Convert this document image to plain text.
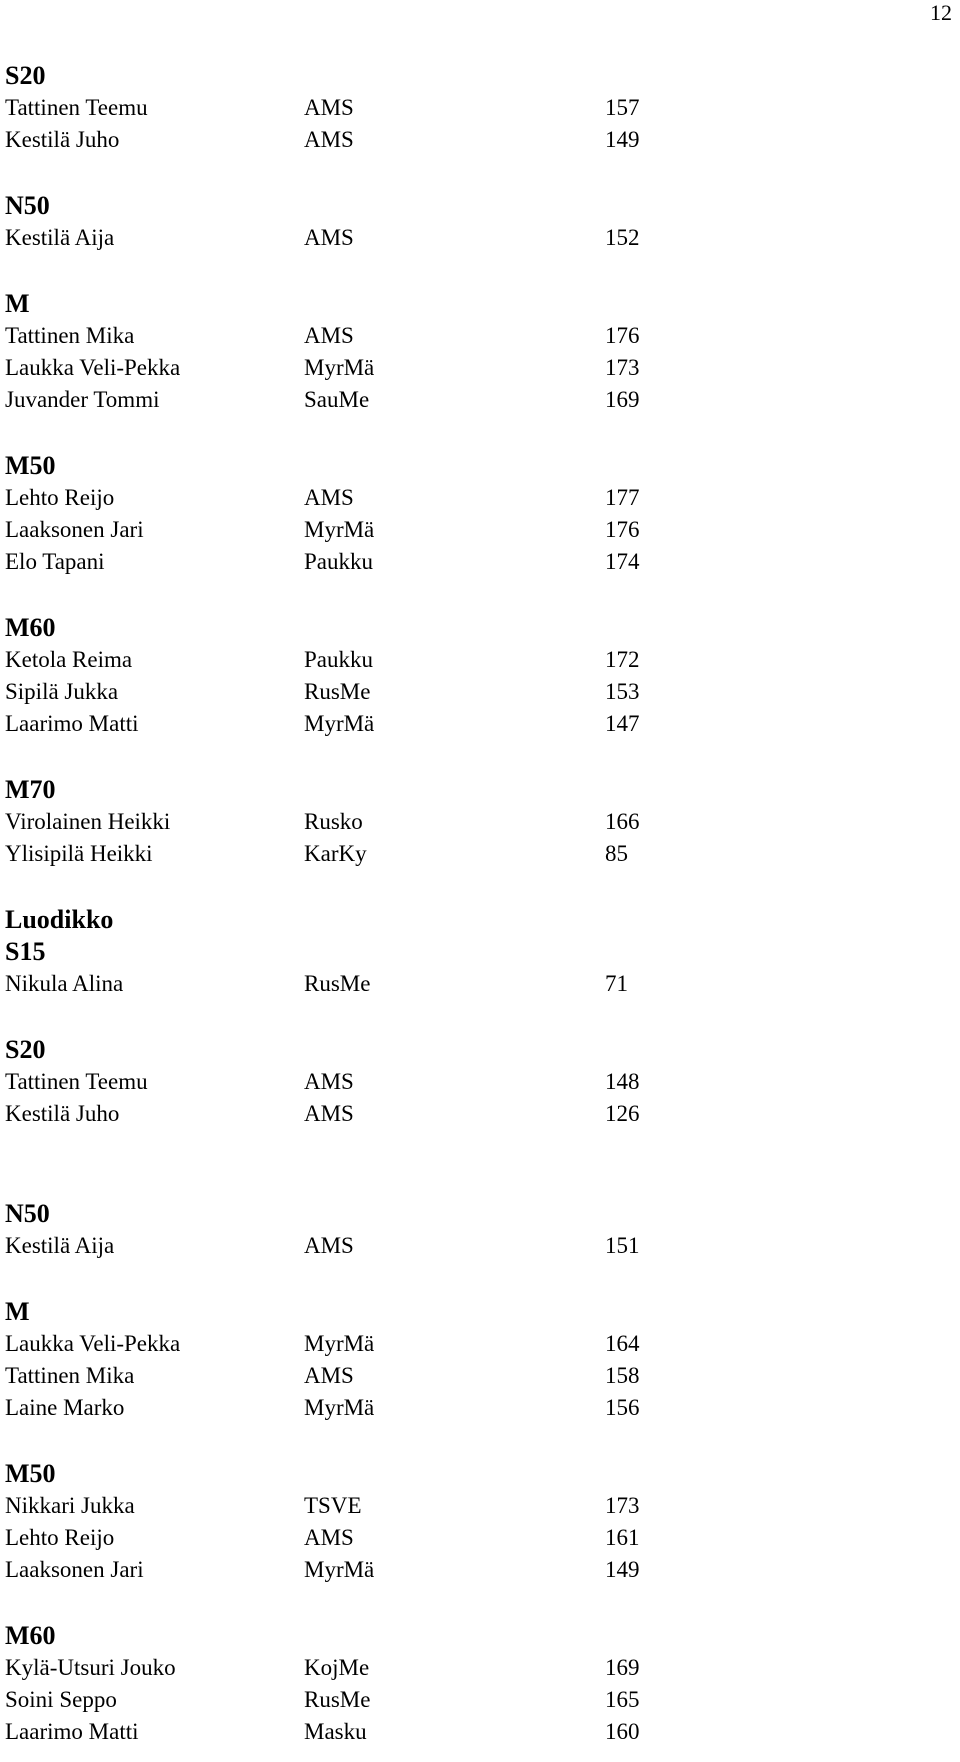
12
S20
Tattinen Teemu	AMS	157
Kestilä Juho	AMS	149
N50
Kestilä Aija	AMS	152
M
Tattinen Mika	AMS	176
Laukka Veli-Pekka	MyrMä	173
Juvander Tommi	SauMe	169
M50
Lehto Reijo	AMS	177
Laaksonen Jari	MyrMä	176
Elo Tapani	Paukku	174
M60
Ketola Reima	Paukku	172
Sipilä Jukka	RusMe	153
Laarimo Matti	MyrMä	147
M70
Virolainen Heikki	Rusko	166
Ylisipilä Heikki	KarKy	85
Luodikko
S15
Nikula Alina	RusMe	71
S20
Tattinen Teemu	AMS	148
Kestilä Juho	AMS	126
N50
Kestilä Aija	AMS	151
M
Laukka Veli-Pekka	MyrMä	164
Tattinen Mika	AMS	158
Laine Marko	MyrMä	156
M50
Nikkari Jukka	TSVE	173
Lehto Reijo	AMS	161
Laaksonen Jari	MyrMä	149
M60
Kylä-Utsuri Jouko	KojMe	169
Soini Seppo	RusMe	165
Laarimo Matti	Masku	160
